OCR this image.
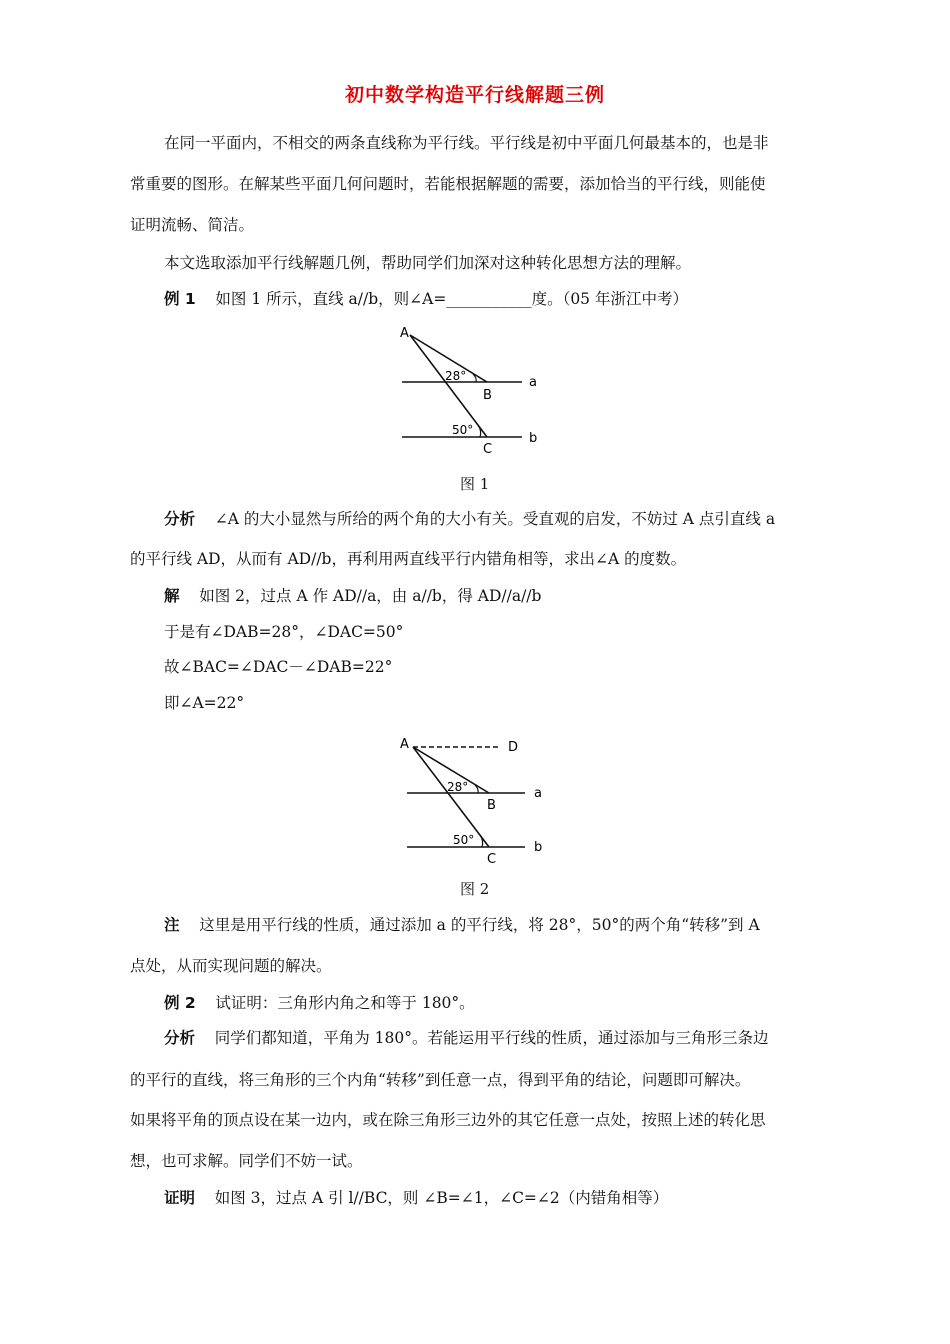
初中数学构造平行线解题三例
在同一平面内，不相交的两条直线称为平行线。平行线是初中平面几何最基本的，也是非
常重要的图形。在解某些平面几何问题时，若能根据解题的需要，添加恰当的平行线，则能使
证明流畅、简洁。
本文选取添加平行线解题几例，帮助同学们加深对这种转化思想方法的理解。
例 1 如图 1 所示，直线 a//b，则∠A=___________度。（05 年浙江中考）
A
B
C
a
b
28°
50°
图 1
分析 ∠A 的大小显然与所给的两个角的大小有关。受直观的启发，不妨过 A 点引直线 a
的平行线 AD，从而有 AD//b，再利用两直线平行内错角相等，求出∠A 的度数。
解 如图 2，过点 A 作 AD//a，由 a//b，得 AD//a//b
于是有∠DAB=28°，∠DAC=50°
故∠BAC=∠DAC－∠DAB=22°
即∠A=22°
A	D
B
C
a
b
28°
50°
图 2
注 这里是用平行线的性质，通过添加 a 的平行线，将 28°，50°的两个角“转移”到 A
点处，从而实现问题的解决。
例 2 试证明：三角形内角之和等于 180°。
分析 同学们都知道，平角为 180°。若能运用平行线的性质，通过添加与三角形三条边
的平行的直线，将三角形的三个内角“转移”到任意一点，得到平角的结论，问题即可解决。
如果将平角的顶点设在某一边内，或在除三角形三边外的其它任意一点处，按照上述的转化思
想，也可求解。同学们不妨一试。
证明 如图 3，过点 A 引 l//BC，则 ∠B=∠1，∠C=∠2（内错角相等）
